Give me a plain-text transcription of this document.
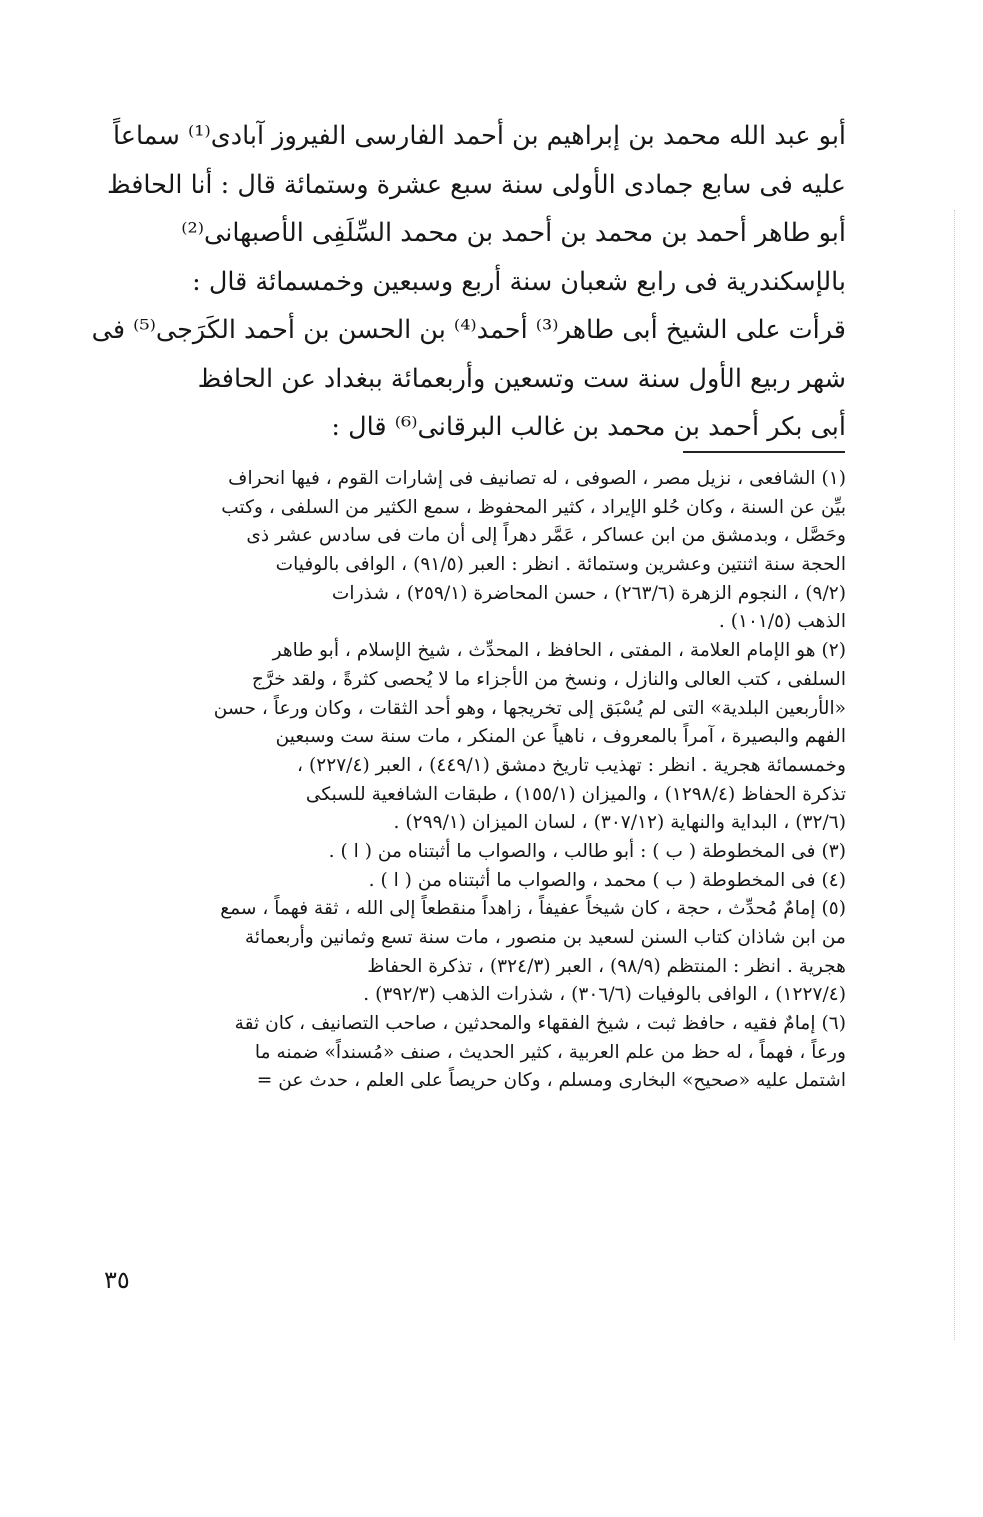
أبو عبد الله محمد بن إبراهيم بن أحمد الفارسى الفيروز آبادى⁽¹⁾ سماعاً
عليه فى سابع جمادى الأولى سنة سبع عشرة وستمائة قال : أنا الحافظ
أبو طاهر أحمد بن محمد بن أحمد بن محمد السِّلَفِى الأصبهانى⁽²⁾
بالإسكندرية فى رابع شعبان سنة أربع وسبعين وخمسمائة قال :
قرأت على الشيخ أبى طاهر⁽³⁾ أحمد⁽⁴⁾ بن الحسن بن أحمد الكَرَجى⁽⁵⁾ فى
شهر ربيع الأول سنة ست وتسعين وأربعمائة ببغداد عن الحافظ
أبى بكر أحمد بن محمد بن غالب البرقانى⁽⁶⁾ قال :
(١) الشافعى ، نزيل مصر ، الصوفى ، له تصانيف فى إشارات القوم ، فيها انحراف
بيِّن عن السنة ، وكان حُلو الإيراد ، كثير المحفوظ ، سمع الكثير من السلفى ، وكتب
وحَصَّل ، وبدمشق من ابن عساكر ، عَمَّر دهراً إلى أن مات فى سادس عشر ذى
الحجة سنة اثنتين وعشرين وستمائة . انظر : العبر (٩١/٥) ، الوافى بالوفيات
(٩/٢) ، النجوم الزهرة (٢٦٣/٦) ، حسن المحاضرة (٢٥٩/١) ، شذرات
الذهب (١٠١/٥) .
(٢) هو الإمام العلامة ، المفتى ، الحافظ ، المحدِّث ، شيخ الإسلام ، أبو طاهر
السلفى ، كتب العالى والنازل ، ونسخ من الأجزاء ما لا يُحصى كثرةً ، ولقد خرَّج
«الأربعين البلدية» التى لم يُسْبَق إلى تخريجها ، وهو أحد الثقات ، وكان ورعاً ، حسن
الفهم والبصيرة ، آمراً بالمعروف ، ناهياً عن المنكر ، مات سنة ست وسبعين
وخمسمائة هجرية . انظر : تهذيب تاريخ دمشق (٤٤٩/١) ، العبر (٢٢٧/٤) ،
تذكرة الحفاظ (١٢٩٨/٤) ، والميزان (١٥٥/١) ، طبقات الشافعية للسبكى
(٣٢/٦) ، البداية والنهاية (٣٠٧/١٢) ، لسان الميزان (٢٩٩/١) .
(٣) فى المخطوطة ( ب ) : أبو طالب ، والصواب ما أثبتناه من ( ا ) .
(٤) فى المخطوطة ( ب ) محمد ، والصواب ما أثبتناه من ( ا ) .
(٥) إمامٌ مُحدِّث ، حجة ، كان شيخاً عفيفاً ، زاهداً منقطعاً إلى الله ، ثقة فهماً ، سمع
من ابن شاذان كتاب السنن لسعيد بن منصور ، مات سنة تسع وثمانين وأربعمائة
هجرية . انظر : المنتظم (٩٨/٩) ، العبر (٣٢٤/٣) ، تذكرة الحفاظ
(١٢٢٧/٤) ، الوافى بالوفيات (٣٠٦/٦) ، شذرات الذهب (٣٩٢/٣) .
(٦) إمامٌ فقيه ، حافظ ثبت ، شيخ الفقهاء والمحدثين ، صاحب التصانيف ، كان ثقة
ورعاً ، فهماً ، له حظ من علم العربية ، كثير الحديث ، صنف «مُسنداً» ضمنه ما
اشتمل عليه «صحيح» البخارى ومسلم ، وكان حريصاً على العلم ، حدث عن =
٣٥
